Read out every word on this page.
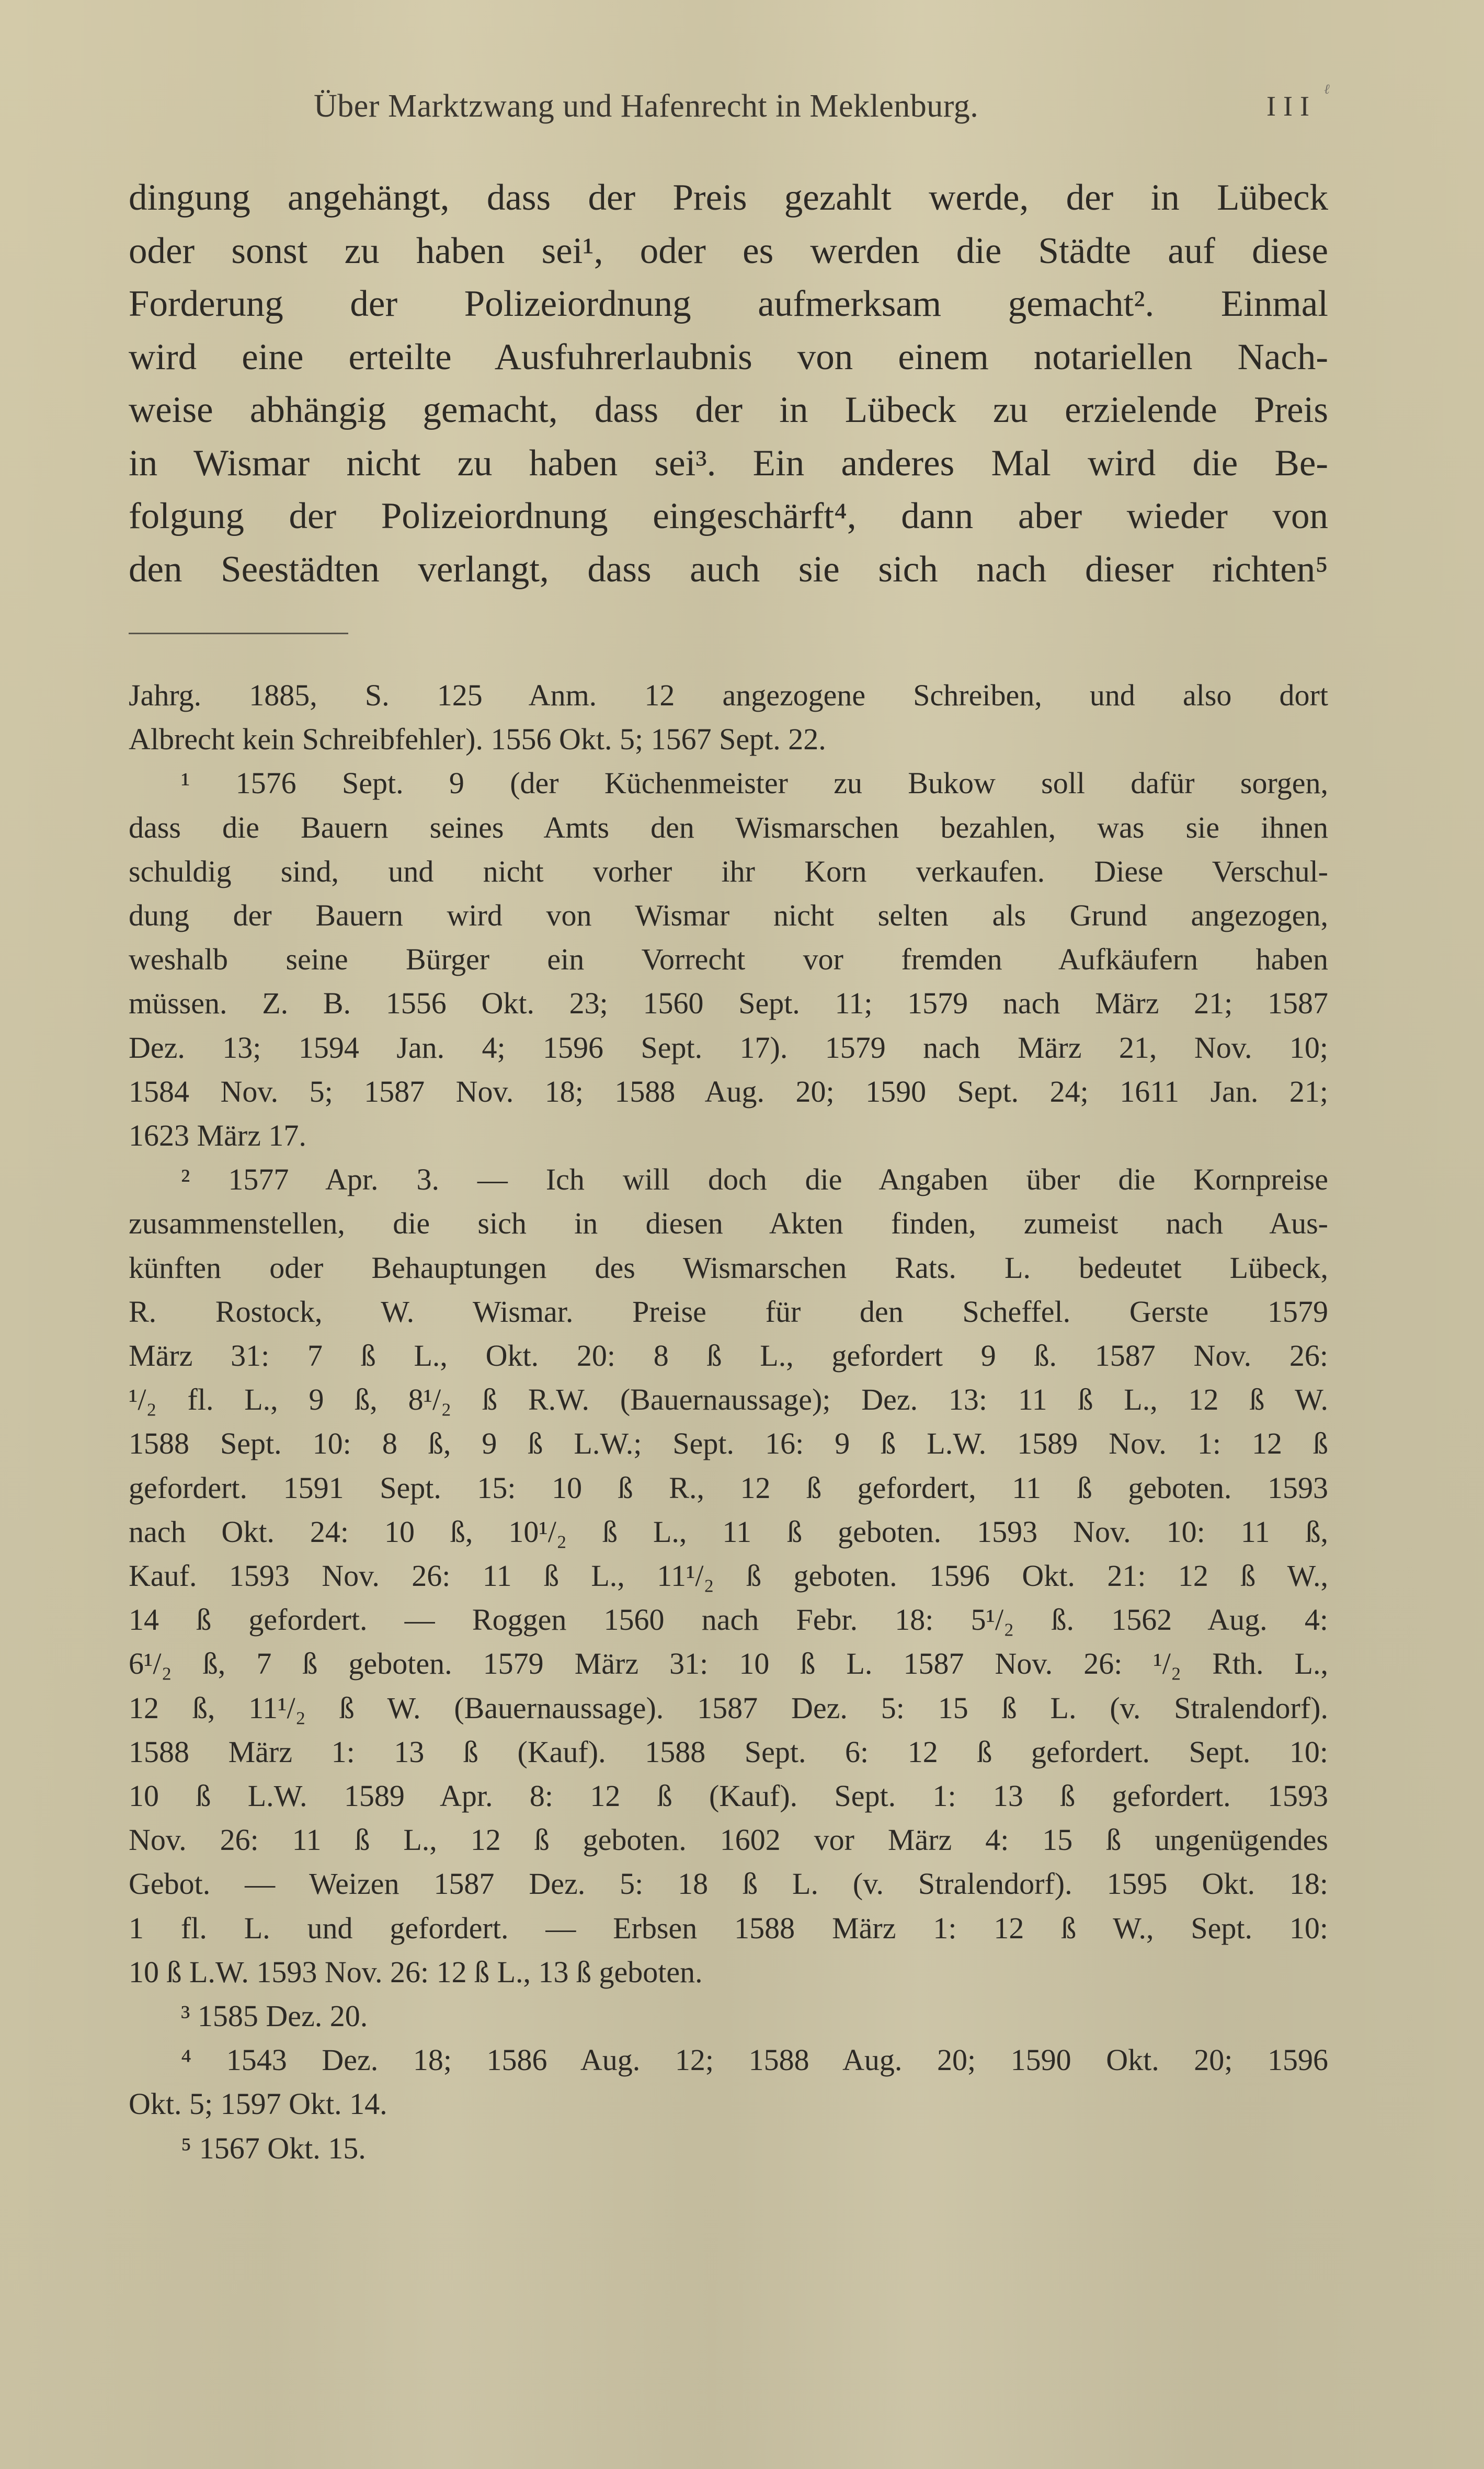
Über Marktzwang und Hafenrecht in Meklenburg.	III
ℓ
dingung angehängt, dass der Preis gezahlt werde, der in Lübeck
oder sonst zu haben sei¹, oder es werden die Städte auf diese
Forderung der Polizeiordnung aufmerksam gemacht². Einmal
wird eine erteilte Ausfuhrerlaubnis von einem notariellen Nach-
weise abhängig gemacht, dass der in Lübeck zu erzielende Preis
in Wismar nicht zu haben sei³. Ein anderes Mal wird die Be-
folgung der Polizeiordnung eingeschärft⁴, dann aber wieder von
den Seestädten verlangt, dass auch sie sich nach dieser richten⁵
Jahrg. 1885, S. 125 Anm. 12 angezogene Schreiben, und also dort
Albrecht kein Schreibfehler). 1556 Okt. 5; 1567 Sept. 22.
¹ 1576 Sept. 9 (der Küchenmeister zu Bukow soll dafür sorgen,
dass die Bauern seines Amts den Wismarschen bezahlen, was sie ihnen
schuldig sind, und nicht vorher ihr Korn verkaufen. Diese Verschul-
dung der Bauern wird von Wismar nicht selten als Grund angezogen,
weshalb seine Bürger ein Vorrecht vor fremden Aufkäufern haben
müssen. Z. B. 1556 Okt. 23; 1560 Sept. 11; 1579 nach März 21; 1587
Dez. 13; 1594 Jan. 4; 1596 Sept. 17). 1579 nach März 21, Nov. 10;
1584 Nov. 5; 1587 Nov. 18; 1588 Aug. 20; 1590 Sept. 24; 1611 Jan. 21;
1623 März 17.
² 1577 Apr. 3. — Ich will doch die Angaben über die Kornpreise
zusammenstellen, die sich in diesen Akten finden, zumeist nach Aus-
künften oder Behauptungen des Wismarschen Rats. L. bedeutet Lübeck,
R. Rostock, W. Wismar. Preise für den Scheffel. Gerste 1579
März 31: 7 ß L., Okt. 20: 8 ß L., gefordert 9 ß. 1587 Nov. 26:
¹/₂ fl. L., 9 ß, 8¹/₂ ß R.W. (Bauernaussage); Dez. 13: 11 ß L., 12 ß W.
1588 Sept. 10: 8 ß, 9 ß L.W.; Sept. 16: 9 ß L.W. 1589 Nov. 1: 12 ß
gefordert. 1591 Sept. 15: 10 ß R., 12 ß gefordert, 11 ß geboten. 1593
nach Okt. 24: 10 ß, 10¹/₂ ß L., 11 ß geboten. 1593 Nov. 10: 11 ß,
Kauf. 1593 Nov. 26: 11 ß L., 11¹/₂ ß geboten. 1596 Okt. 21: 12 ß W.,
14 ß gefordert. — Roggen 1560 nach Febr. 18: 5¹/₂ ß. 1562 Aug. 4:
6¹/₂ ß, 7 ß geboten. 1579 März 31: 10 ß L. 1587 Nov. 26: ¹/₂ Rth. L.,
12 ß, 11¹/₂ ß W. (Bauernaussage). 1587 Dez. 5: 15 ß L. (v. Stralendorf).
1588 März 1: 13 ß (Kauf). 1588 Sept. 6: 12 ß gefordert. Sept. 10:
10 ß L.W. 1589 Apr. 8: 12 ß (Kauf). Sept. 1: 13 ß gefordert. 1593
Nov. 26: 11 ß L., 12 ß geboten. 1602 vor März 4: 15 ß ungenügendes
Gebot. — Weizen 1587 Dez. 5: 18 ß L. (v. Stralendorf). 1595 Okt. 18:
1 fl. L. und gefordert. — Erbsen 1588 März 1: 12 ß W., Sept. 10:
10 ß L.W. 1593 Nov. 26: 12 ß L., 13 ß geboten.
³ 1585 Dez. 20.
⁴ 1543 Dez. 18; 1586 Aug. 12; 1588 Aug. 20; 1590 Okt. 20; 1596
Okt. 5; 1597 Okt. 14.
⁵ 1567 Okt. 15.
